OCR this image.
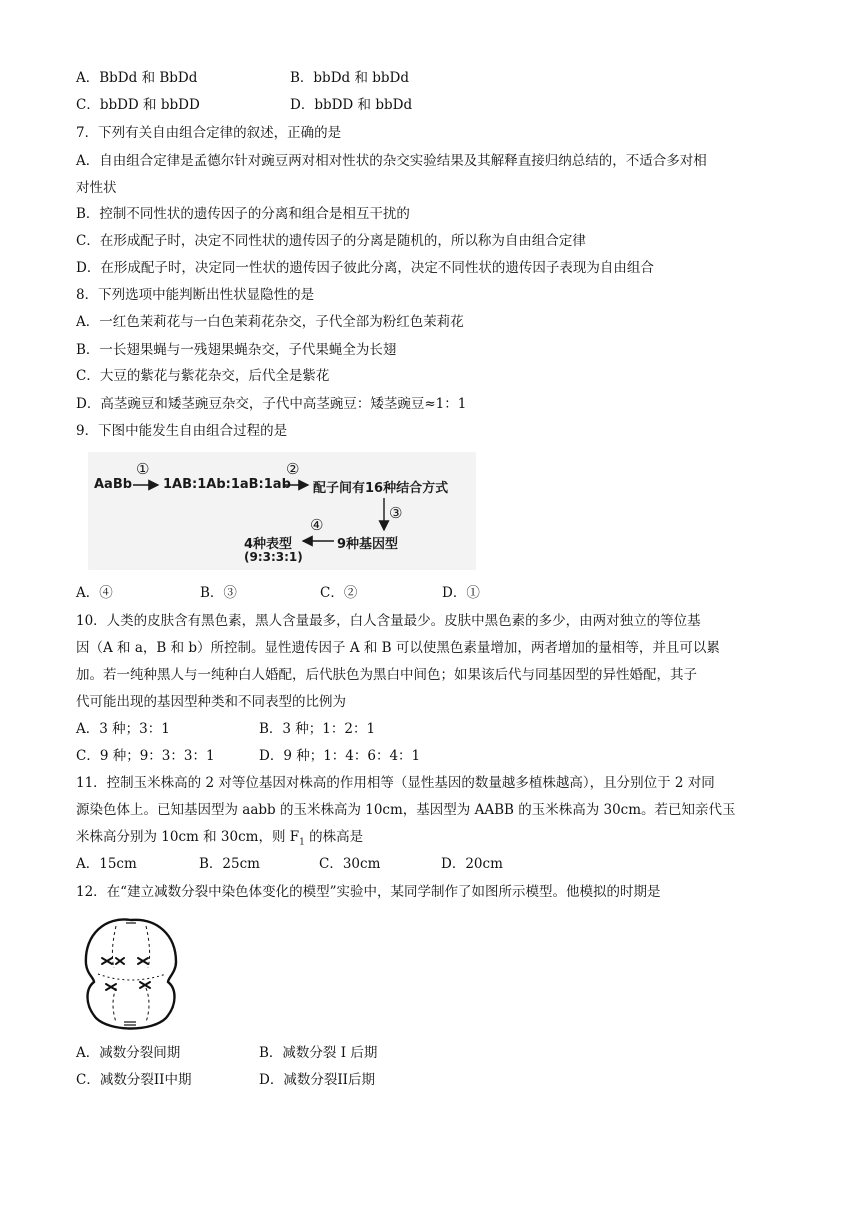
A．BbDd 和 BbDd	B．bbDd 和 bbDd
C．bbDD 和 bbDD	D．bbDD 和 bbDd
7．下列有关自由组合定律的叙述，正确的是
A．自由组合定律是孟德尔针对豌豆两对相对性状的杂交实验结果及其解释直接归纳总结的，不适合多对相
对性状
B．控制不同性状的遗传因子的分离和组合是相互干扰的
C．在形成配子时，决定不同性状的遗传因子的分离是随机的，所以称为自由组合定律
D．在形成配子时，决定同一性状的遗传因子彼此分离，决定不同性状的遗传因子表现为自由组合
8．下列选项中能判断出性状显隐性的是
A．一红色茉莉花与一白色茉莉花杂交，子代全部为粉红色茉莉花
B．一长翅果蝇与一残翅果蝇杂交，子代果蝇全为长翅
C．大豆的紫花与紫花杂交，后代全是紫花
D．高茎豌豆和矮茎豌豆杂交，子代中高茎豌豆：矮茎豌豆≈1：1
9．下图中能发生自由组合过程的是
AaBb
①
1AB:1Ab:1aB:1ab
②
配子间有16种结合方式
③
9种基因型
④
4种表型
(9:3:3:1)
A．④	B．③	C．②	D．①
10．人类的皮肤含有黑色素，黑人含量最多，白人含量最少。皮肤中黑色素的多少，由两对独立的等位基
因（A 和 a，B 和 b）所控制。显性遗传因子 A 和 B 可以使黑色素量增加，两者增加的量相等，并且可以累
加。若一纯种黑人与一纯种白人婚配，后代肤色为黑白中间色；如果该后代与同基因型的异性婚配，其子
代可能出现的基因型种类和不同表型的比例为
A．3 种；3：1	B．3 种；1：2：1
C．9 种；9：3：3：1	D．9 种；1：4：6：4：1
11．控制玉米株高的 2 对等位基因对株高的作用相等（显性基因的数量越多植株越高），且分别位于 2 对同
源染色体上。已知基因型为 aabb 的玉米株高为 10cm，基因型为 AABB 的玉米株高为 30cm。若已知亲代玉
米株高分别为 10cm 和 30cm，则 $F_1$ 的株高是
A．15cm	B．25cm	C．30cm	D．20cm
12．在“建立减数分裂中染色体变化的模型”实验中，某同学制作了如图所示模型。他模拟的时期是
A．减数分裂间期	B．减数分裂 I 后期
C．减数分裂II中期	D．减数分裂II后期
